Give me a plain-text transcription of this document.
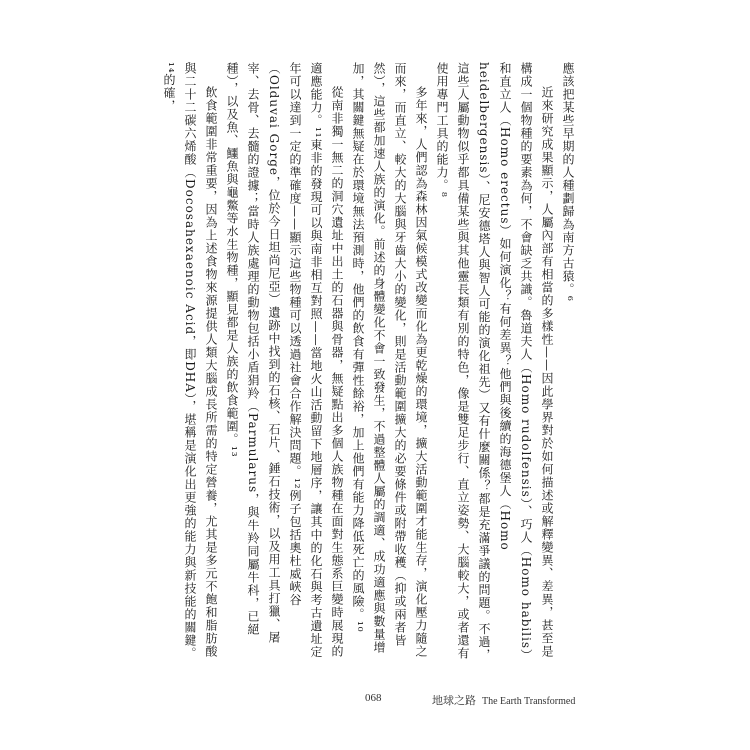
應該把某些早期的人種劃歸為南方古猿。⁶

近來研究成果顯示，人屬內部有相當的多樣性——因此學界對於如何描述或解釋變異、差異，甚至是構成一個物種的要素為何，不會缺乏共識。魯道夫人（Homo rudolfensis）、巧人（Homo habilis）和直立人（Homo erectus）如何演化？有何差異？他們與後續的海德堡人（Homo heidelbergensis）、尼安德塔人與智人可能的演化祖先）又有什麼關係？都是充滿爭議的問題。不過，這些人屬動物似乎都具備某些與其他靈長類有別的特色，像是雙足步行、直立姿勢、大腦較大，或者還有使用專門工具的能力。⁸

多年來，人們認為森林因氣候模式改變而化為更乾燥的環境，擴大活動範圍才能生存，演化壓力隨之而來，而直立、較大的大腦與牙齒大小的變化，則是活動範圍擴大的必要條件或附帶收穫（抑或兩者皆然），這些都加速人族的演化。前述的身體變化不會一致發生，不過整體人屬的調適、成功適應與數量增加，其關鍵無疑在於環境無法預測時，他們的飲食有彈性餘裕，加上他們有能力降低死亡的風險。¹⁰

從南非獨一無二的洞穴遺址中出土的石器與骨器，無疑點出多個人族物種在面對生態系巨變時展現的適應能力。¹¹東非的發現可以與南非相互對照——當地火山活動留下地層序，讓其中的化石與考古遺址定年可以達到一定的準確度——顯示這些物種可以透過社會合作解決問題。¹²例子包括奧杜威峽谷（Olduvai Gorge，位於今日坦尚尼亞）遺跡中找到的石核、石片、錘石技術，以及用工具打獵、屠宰、去骨、去髓的證據；當時人族處理的動物包括小盾狷羚（Parmularus，與牛羚同屬牛科，已絕種），以及魚、鱷魚與龜鱉等水生物種，顯見都是人族的飲食範圍。¹³

飲食範圍非常重要，因為上述食物來源提供人類大腦成長所需的特定營養，尤其是多元不飽和脂肪酸與二十二碳六烯酸（Docosahexaenoic Acid，即DHA），堪稱是演化出更強的能力與新技能的關鍵。¹⁴的確，

068	地球之路 The Earth Transformed
